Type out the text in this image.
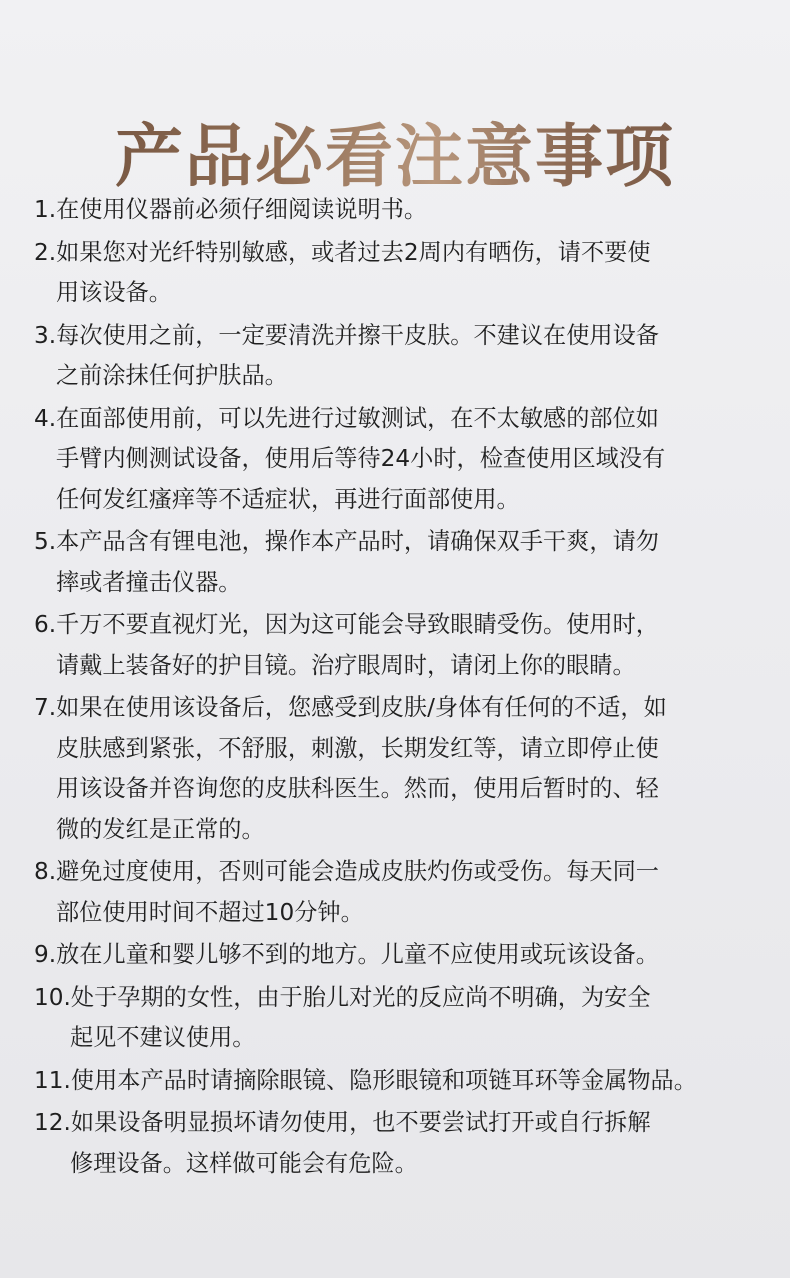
产品必看注意事项
1.在使用仪器前必须仔细阅读说明书。
2.如果您对光纤特别敏感，或者过去2周内有晒伤，请不要使
用该设备。
3.每次使用之前，一定要清洗并擦干皮肤。不建议在使用设备
之前涂抹任何护肤品。
4.在面部使用前，可以先进行过敏测试，在不太敏感的部位如
手臂内侧测试设备，使用后等待24小时，检查使用区域没有
任何发红瘙痒等不适症状，再进行面部使用。
5.本产品含有锂电池，操作本产品时，请确保双手干爽，请勿
摔或者撞击仪器。
6.千万不要直视灯光，因为这可能会导致眼睛受伤。使用时，
请戴上装备好的护目镜。治疗眼周时，请闭上你的眼睛。
7.如果在使用该设备后，您感受到皮肤/身体有任何的不适，如
皮肤感到紧张，不舒服，刺激，长期发红等，请立即停止使
用该设备并咨询您的皮肤科医生。然而，使用后暂时的、轻
微的发红是正常的。
8.避免过度使用，否则可能会造成皮肤灼伤或受伤。每天同一
部位使用时间不超过10分钟。
9.放在儿童和婴儿够不到的地方。儿童不应使用或玩该设备。
10.处于孕期的女性，由于胎儿对光的反应尚不明确，为安全
起见不建议使用。
11.使用本产品时请摘除眼镜、隐形眼镜和项链耳环等金属物品。
12.如果设备明显损坏请勿使用，也不要尝试打开或自行拆解
修理设备。这样做可能会有危险。
